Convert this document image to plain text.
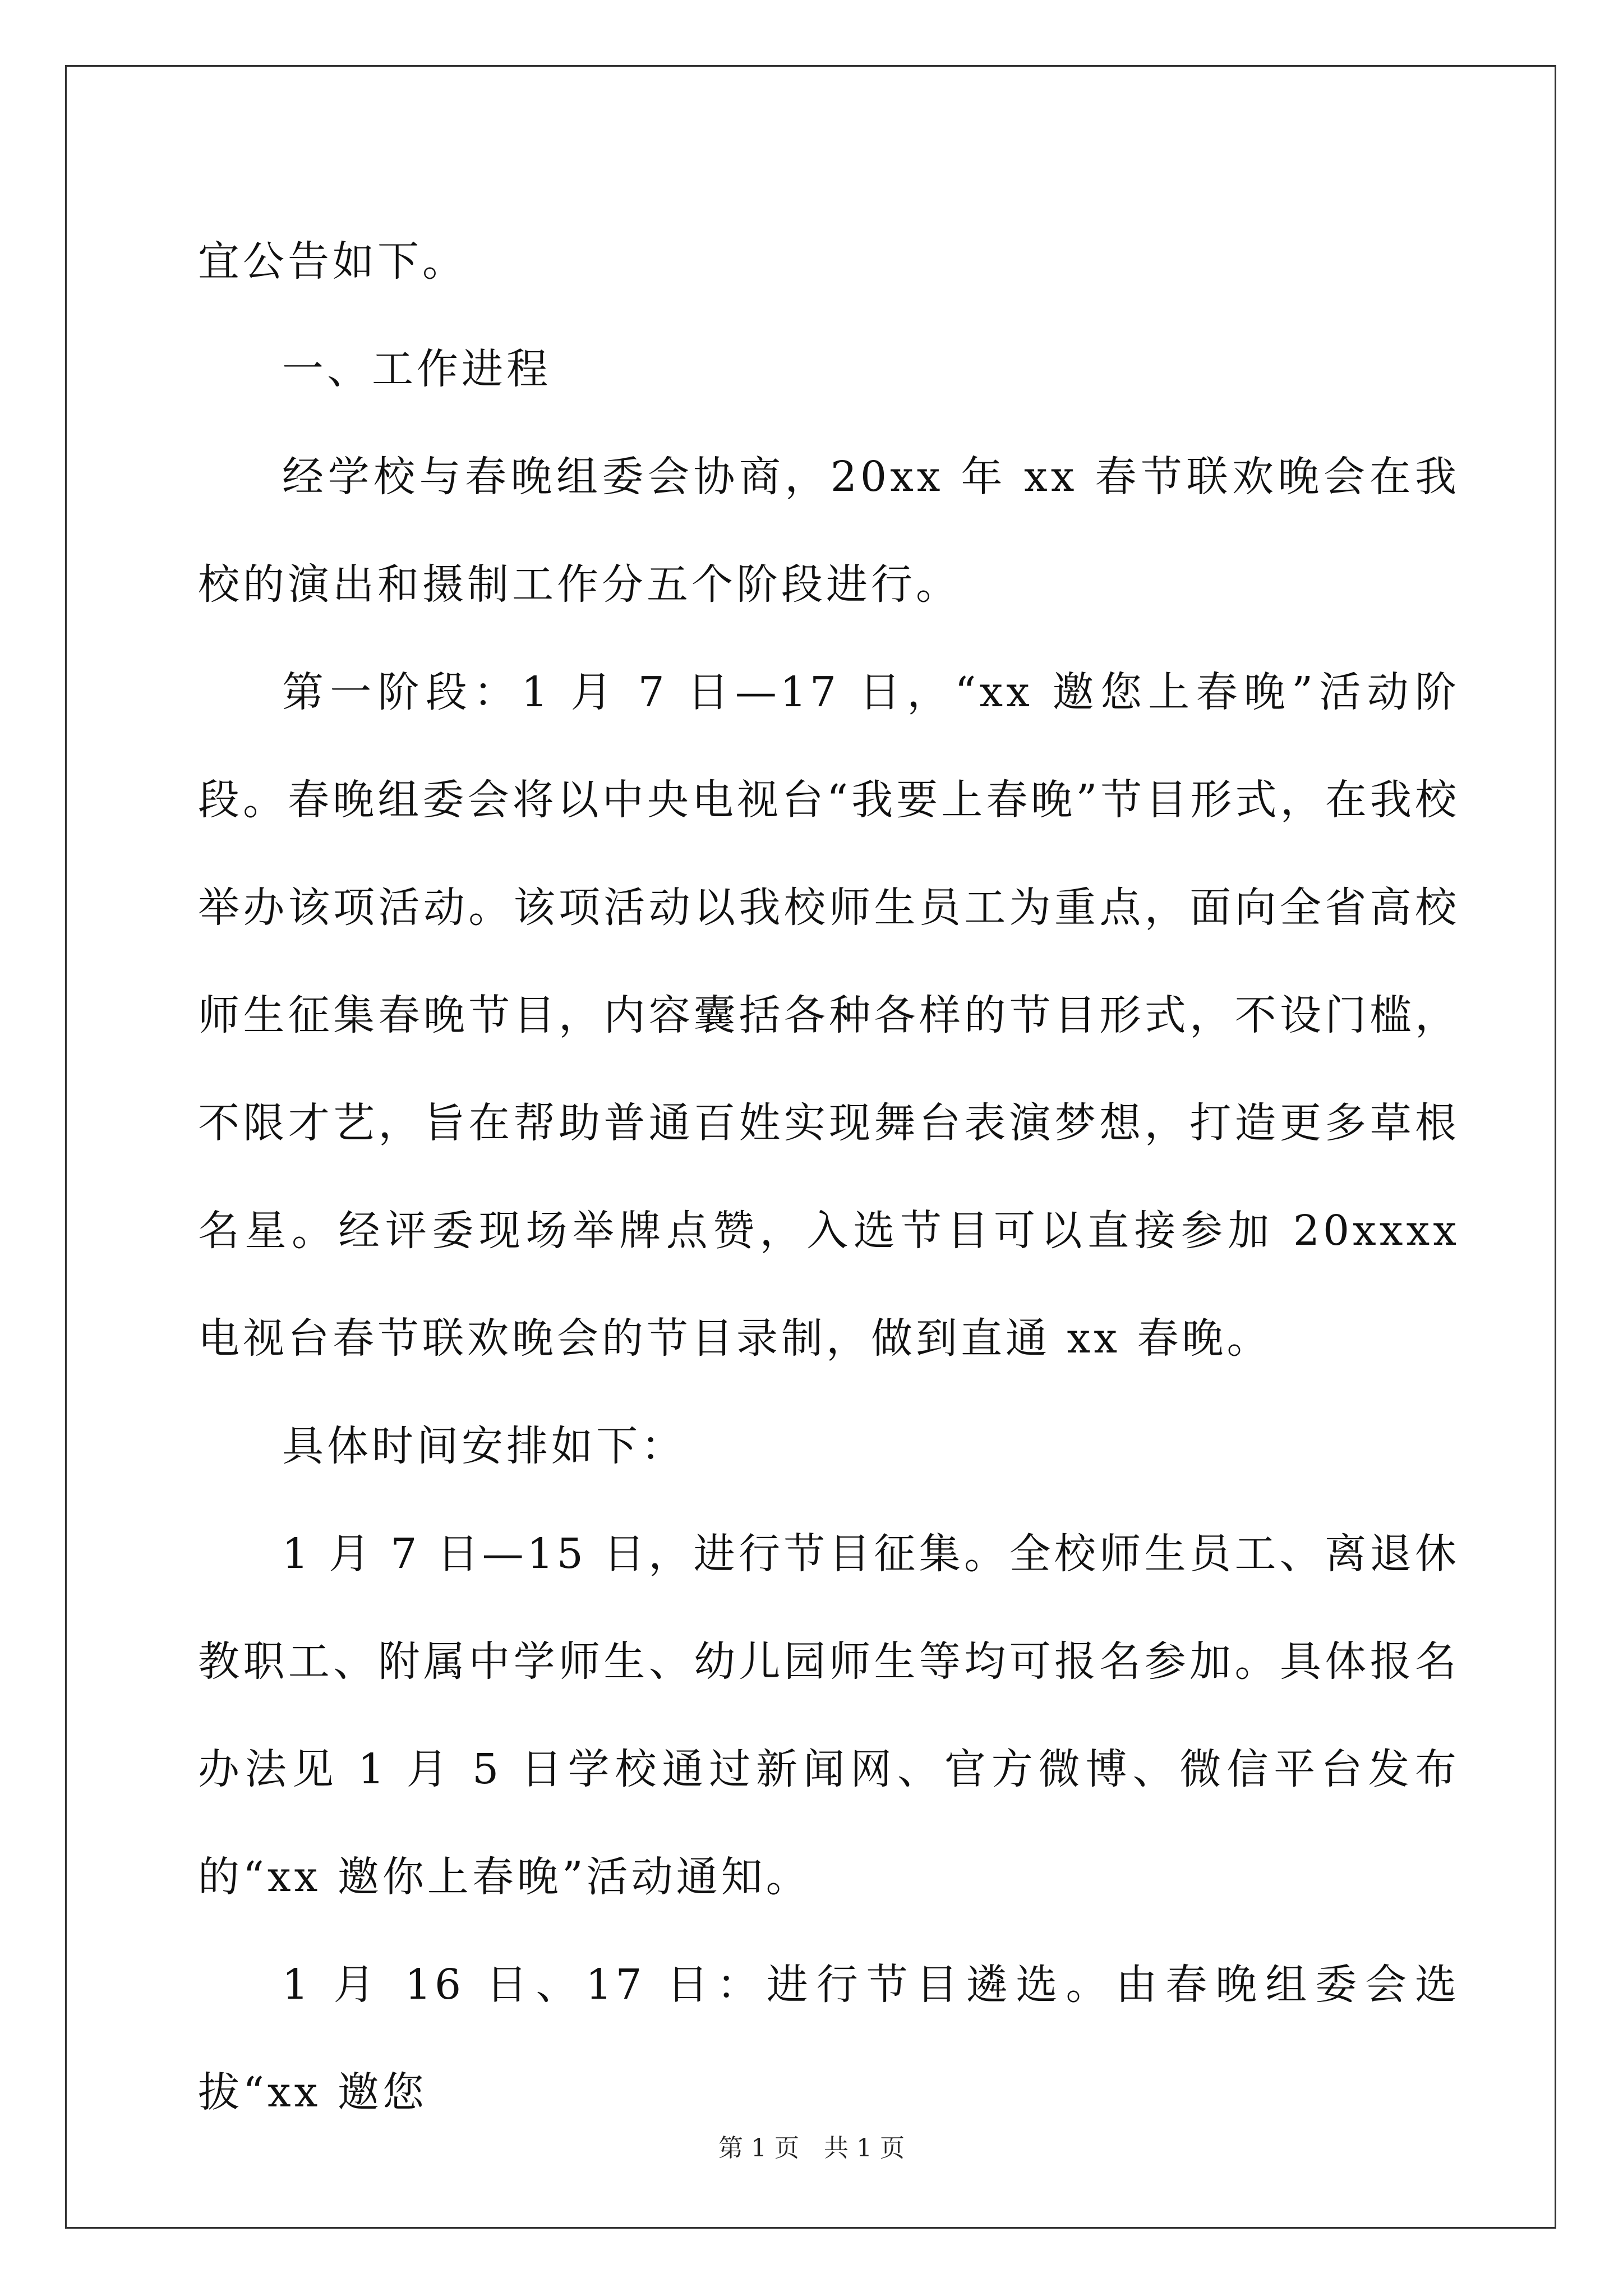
宜公告如下。

一、工作进程

经学校与春晚组委会协商，20xx 年 xx 春节联欢晚会在我校的演出和摄制工作分五个阶段进行。

第一阶段：1 月 7 日—17 日，“xx 邀您上春晚”活动阶段。春晚组委会将以中央电视台“我要上春晚”节目形式，在我校举办该项活动。该项活动以我校师生员工为重点，面向全省高校师生征集春晚节目，内容囊括各种各样的节目形式，不设门槛，不限才艺，旨在帮助普通百姓实现舞台表演梦想，打造更多草根名星。经评委现场举牌点赞，入选节目可以直接参加 20xxxx 电视台春节联欢晚会的节目录制，做到直通 xx 春晚。

具体时间安排如下：

1 月 7 日—15 日，进行节目征集。全校师生员工、离退休教职工、附属中学师生、幼儿园师生等均可报名参加。具体报名办法见 1 月 5 日学校通过新闻网、官方微博、微信平台发布的“xx 邀你上春晚”活动通知。

1 月 16 日、17 日：进行节目遴选。由春晚组委会选拔“xx 邀您

第 1 页　共 1 页
